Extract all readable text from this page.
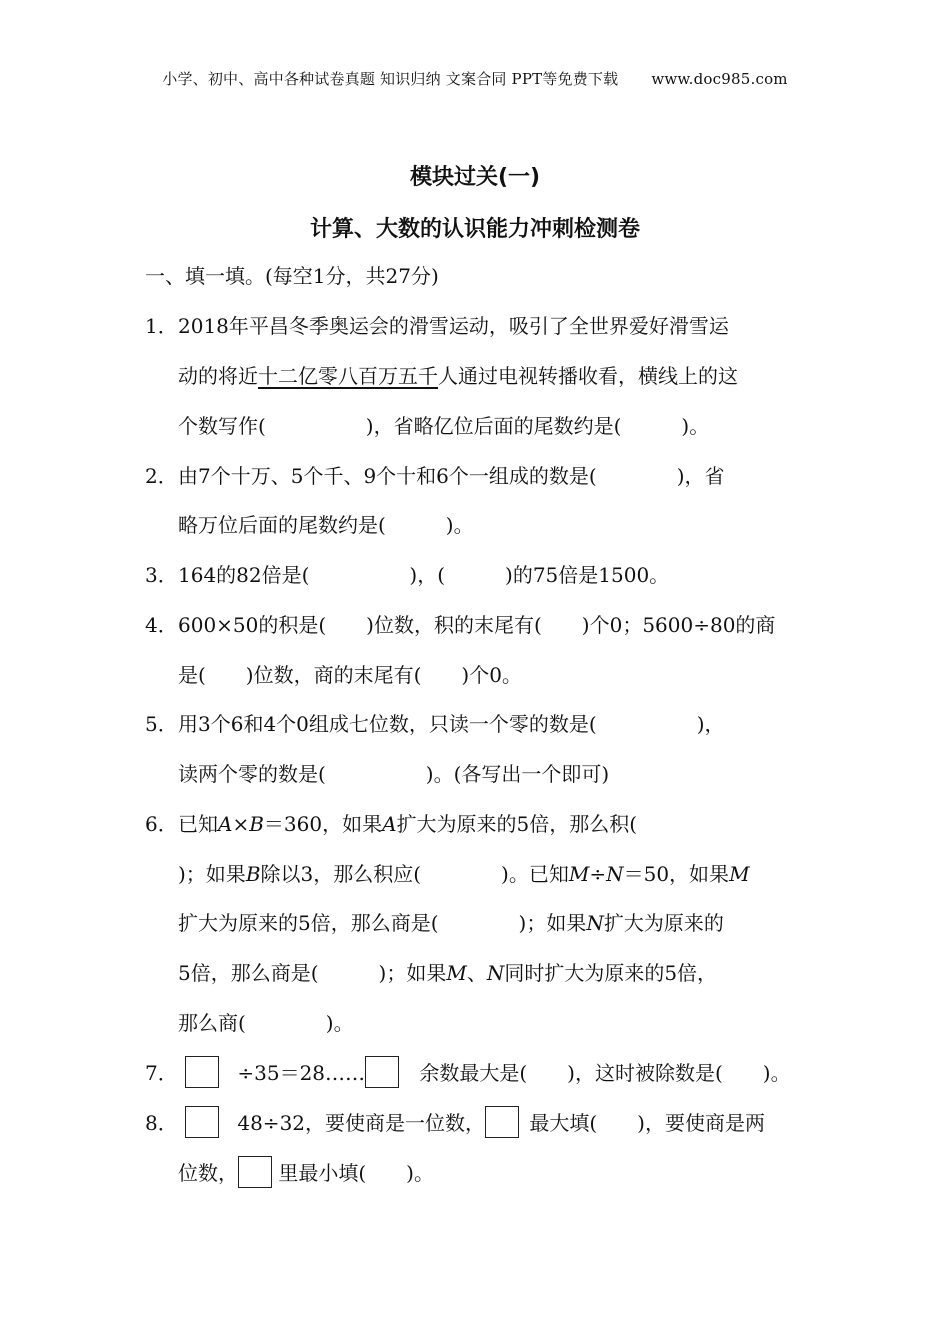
小学、初中、高中各种试卷真题 知识归纳 文案合同 PPT等免费下载 www.doc985.com
模块过关(一)
计算、大数的认识能力冲刺检测卷
一、填一填。(每空1分，共27分)
1． 2018年平昌冬季奥运会的滑雪运动，吸引了全世界爱好滑雪运
动的将近十二亿零八百万五千人通过电视转播收看，横线上的这
个数写作(　　　　　)，省略亿位后面的尾数约是(　　　)。
2． 由7个十万、5个千、9个十和6个一组成的数是(　　　　)，省
略万位后面的尾数约是(　　　)。
3． 164的82倍是(　　　　　)，(　　　)的75倍是1500。
4． 600×50的积是(　　)位数，积的末尾有(　　)个0；5600÷80的商
是(　　)位数，商的末尾有(　　)个0。
5． 用3个6和4个0组成七位数，只读一个零的数是(　　　　　)，
读两个零的数是(　　　　　)。(各写出一个即可)
6． 已知A×B＝360，如果A扩大为原来的5倍，那么积(
)；如果B除以3，那么积应(　　　　)。已知M÷N＝50，如果M
扩大为原来的5倍，那么商是(　　　　)；如果N扩大为原来的
5倍，那么商是(　　　)；如果M、N同时扩大为原来的5倍，
那么商(　　　　)。
7．	÷35＝28……	余数最大是(　　)，这时被除数是(　　)。
8．	48÷32，要使商是一位数， 最大填(　　)，要使商是两
位数， 里最小填(　　)。
